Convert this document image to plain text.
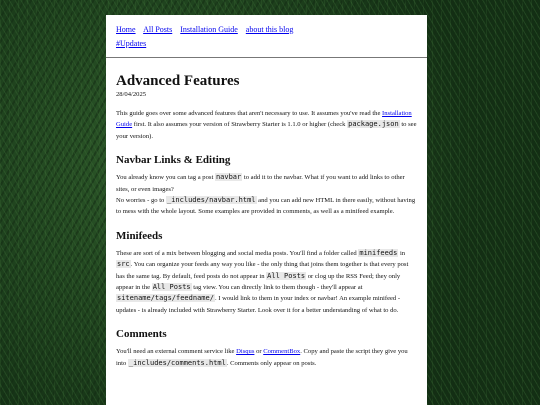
Home All Posts Installation Guide about this blog
#Updates
Advanced Features
28/04/2025

This guide goes over some advanced features that aren't necessary to use. It assumes you've read the Installation Guide first. It also assumes your version of Strawberry Starter is 1.1.0 or higher (check package.json to see your version).

Navbar Links & Editing

You already know you can tag a post navbar to add it to the navbar. What if you want to add links to other sites, or even images?
No worries - go to _includes/navbar.html and you can add new HTML in there easily, without having to mess with the whole layout. Some examples are provided in comments, as well as a minifeed example.

Minifeeds

These are sort of a mix between blogging and social media posts. You'll find a folder called minifeeds in src. You can organize your feeds any way you like - the only thing that joins them together is that every post has the same tag. By default, feed posts do not appear in All Posts or clog up the RSS Feed; they only appear in the All Posts tag view. You can directly link to them though - they'll appear at sitename/tags/feedname/. I would link to them in your index or navbar! An example minifeed - updates - is already included with Strawberry Starter. Look over it for a better understanding of what to do.

Comments

You'll need an external comment service like Disqus or CommentBox. Copy and paste the script they give you into _includes/comments.html. Comments only appear on posts.
